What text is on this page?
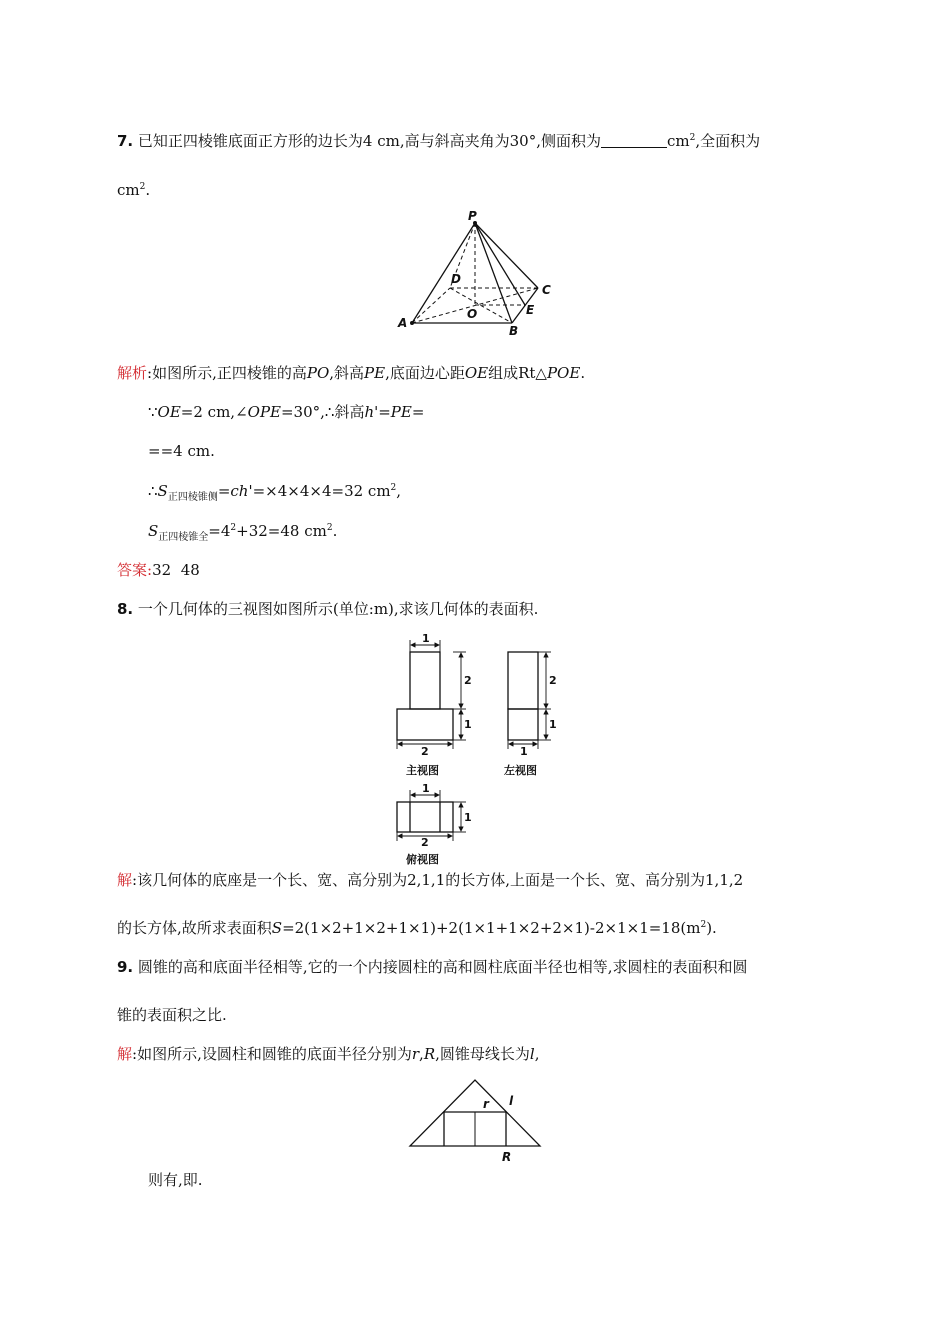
7. 已知正四棱锥底面正方形的边长为4 cm,高与斜高夹角为30°,侧面积为	$cm^2$,全面积为
$cm^2$.
P
D
C
A
O	E
B
解析:如图所示,正四棱锥的高PO,斜高PE,底面边心距OE组成Rt△POE.
∵OE=2 cm,∠OPE=30°,∴斜高h'=PE=
==4 cm.
$\therefore S_{正四棱锥侧}=ch'=\times 4\times 4\times 4=32$ $cm^2$,
$S_{正四棱锥全}=4^2+32=48$ $cm^2$.
答案:32  48
8. 一个几何体的三视图如图所示(单位:m),求该几何体的表面积.
1
2
1
2
2
1
1
1
1
2
主视图	左视图
俯视图
解:该几何体的底座是一个长、宽、高分别为2,1,1的长方体,上面是一个长、宽、高分别为1,1,2
的长方体,故所求表面积$S=2(1\times 2+1\times 2+1\times 1)+2(1\times 1+1\times 2+2\times 1)-2\times 1\times 1=18(m^2)$.
9. 圆锥的高和底面半径相等,它的一个内接圆柱的高和圆柱底面半径也相等,求圆柱的表面积和圆
锥的表面积之比.
解:如图所示,设圆柱和圆锥的底面半径分别为r,R,圆锥母线长为l,
r l
R
则有,即.
